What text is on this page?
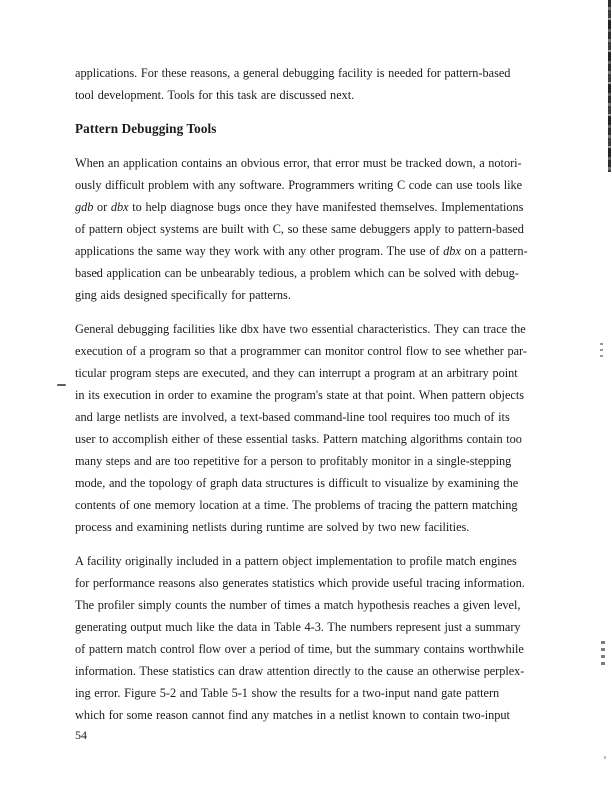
applications. For these reasons, a general debugging facility is needed for pattern-based
tool development. Tools for this task are discussed next.
Pattern Debugging Tools
When an application contains an obvious error, that error must be tracked down, a notori-
ously difficult problem with any software. Programmers writing C code can use tools like
gdb or dbx to help diagnose bugs once they have manifested themselves. Implementations
of pattern object systems are built with C, so these same debuggers apply to pattern-based
applications the same way they work with any other program. The use of dbx on a pattern-
based application can be unbearably tedious, a problem which can be solved with debug-
ging aids designed specifically for patterns.
General debugging facilities like dbx have two essential characteristics. They can trace the
execution of a program so that a programmer can monitor control flow to see whether par-
ticular program steps are executed, and they can interrupt a program at an arbitrary point
in its execution in order to examine the program's state at that point. When pattern objects
and large netlists are involved, a text-based command-line tool requires too much of its
user to accomplish either of these essential tasks. Pattern matching algorithms contain too
many steps and are too repetitive for a person to profitably monitor in a single-stepping
mode, and the topology of graph data structures is difficult to visualize by examining the
contents of one memory location at a time. The problems of tracing the pattern matching
process and examining netlists during runtime are solved by two new facilities.
A facility originally included in a pattern object implementation to profile match engines
for performance reasons also generates statistics which provide useful tracing information.
The profiler simply counts the number of times a match hypothesis reaches a given level,
generating output much like the data in Table 4-3. The numbers represent just a summary
of pattern match control flow over a period of time, but the summary contains worthwhile
information. These statistics can draw attention directly to the cause an otherwise perplex-
ing error. Figure 5-2 and Table 5-1 show the results for a two-input nand gate pattern
which for some reason cannot find any matches in a netlist known to contain two-input
54
